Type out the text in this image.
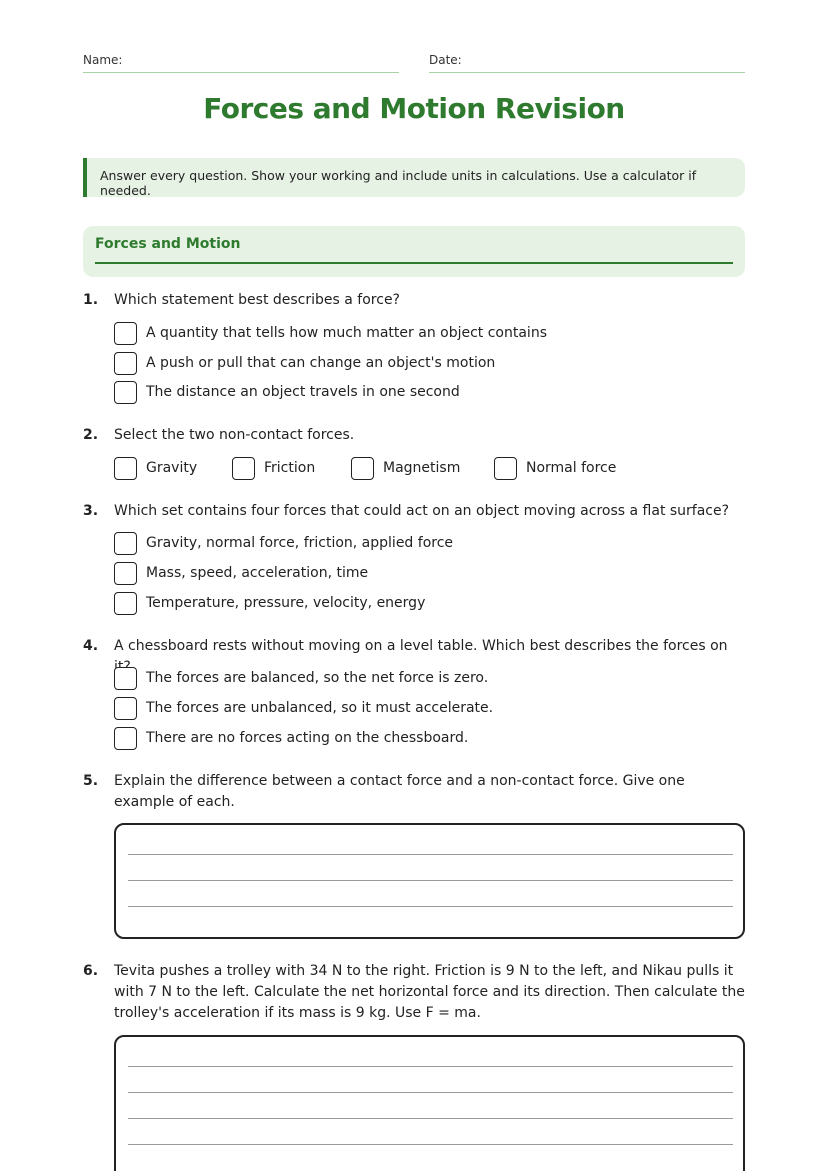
Name:	Date:
Forces and Motion Revision
Answer every question. Show your working and include units in calculations. Use a calculator if needed.
Forces and Motion
1. Which statement best describes a force?
A quantity that tells how much matter an object contains
A push or pull that can change an object's motion
The distance an object travels in one second
2. Select the two non-contact forces.
Gravity	Friction	Magnetism	Normal force
3. Which set contains four forces that could act on an object moving across a flat surface?
Gravity, normal force, friction, applied force
Mass, speed, acceleration, time
Temperature, pressure, velocity, energy
4. A chessboard rests without moving on a level table. Which best describes the forces on
The forces are balanced, so the net force is zero.
The forces are unbalanced, so it must accelerate.
There are no forces acting on the chessboard.
5. Explain the difference between a contact force and a non-contact force. Give one example of each.
6. Tevita pushes a trolley with 34 N to the right. Friction is 9 N to the left, and Nikau pulls it with 7 N to the left. Calculate the net horizontal force and its direction. Then calculate the trolley's acceleration if its mass is 9 kg. Use F = ma.
